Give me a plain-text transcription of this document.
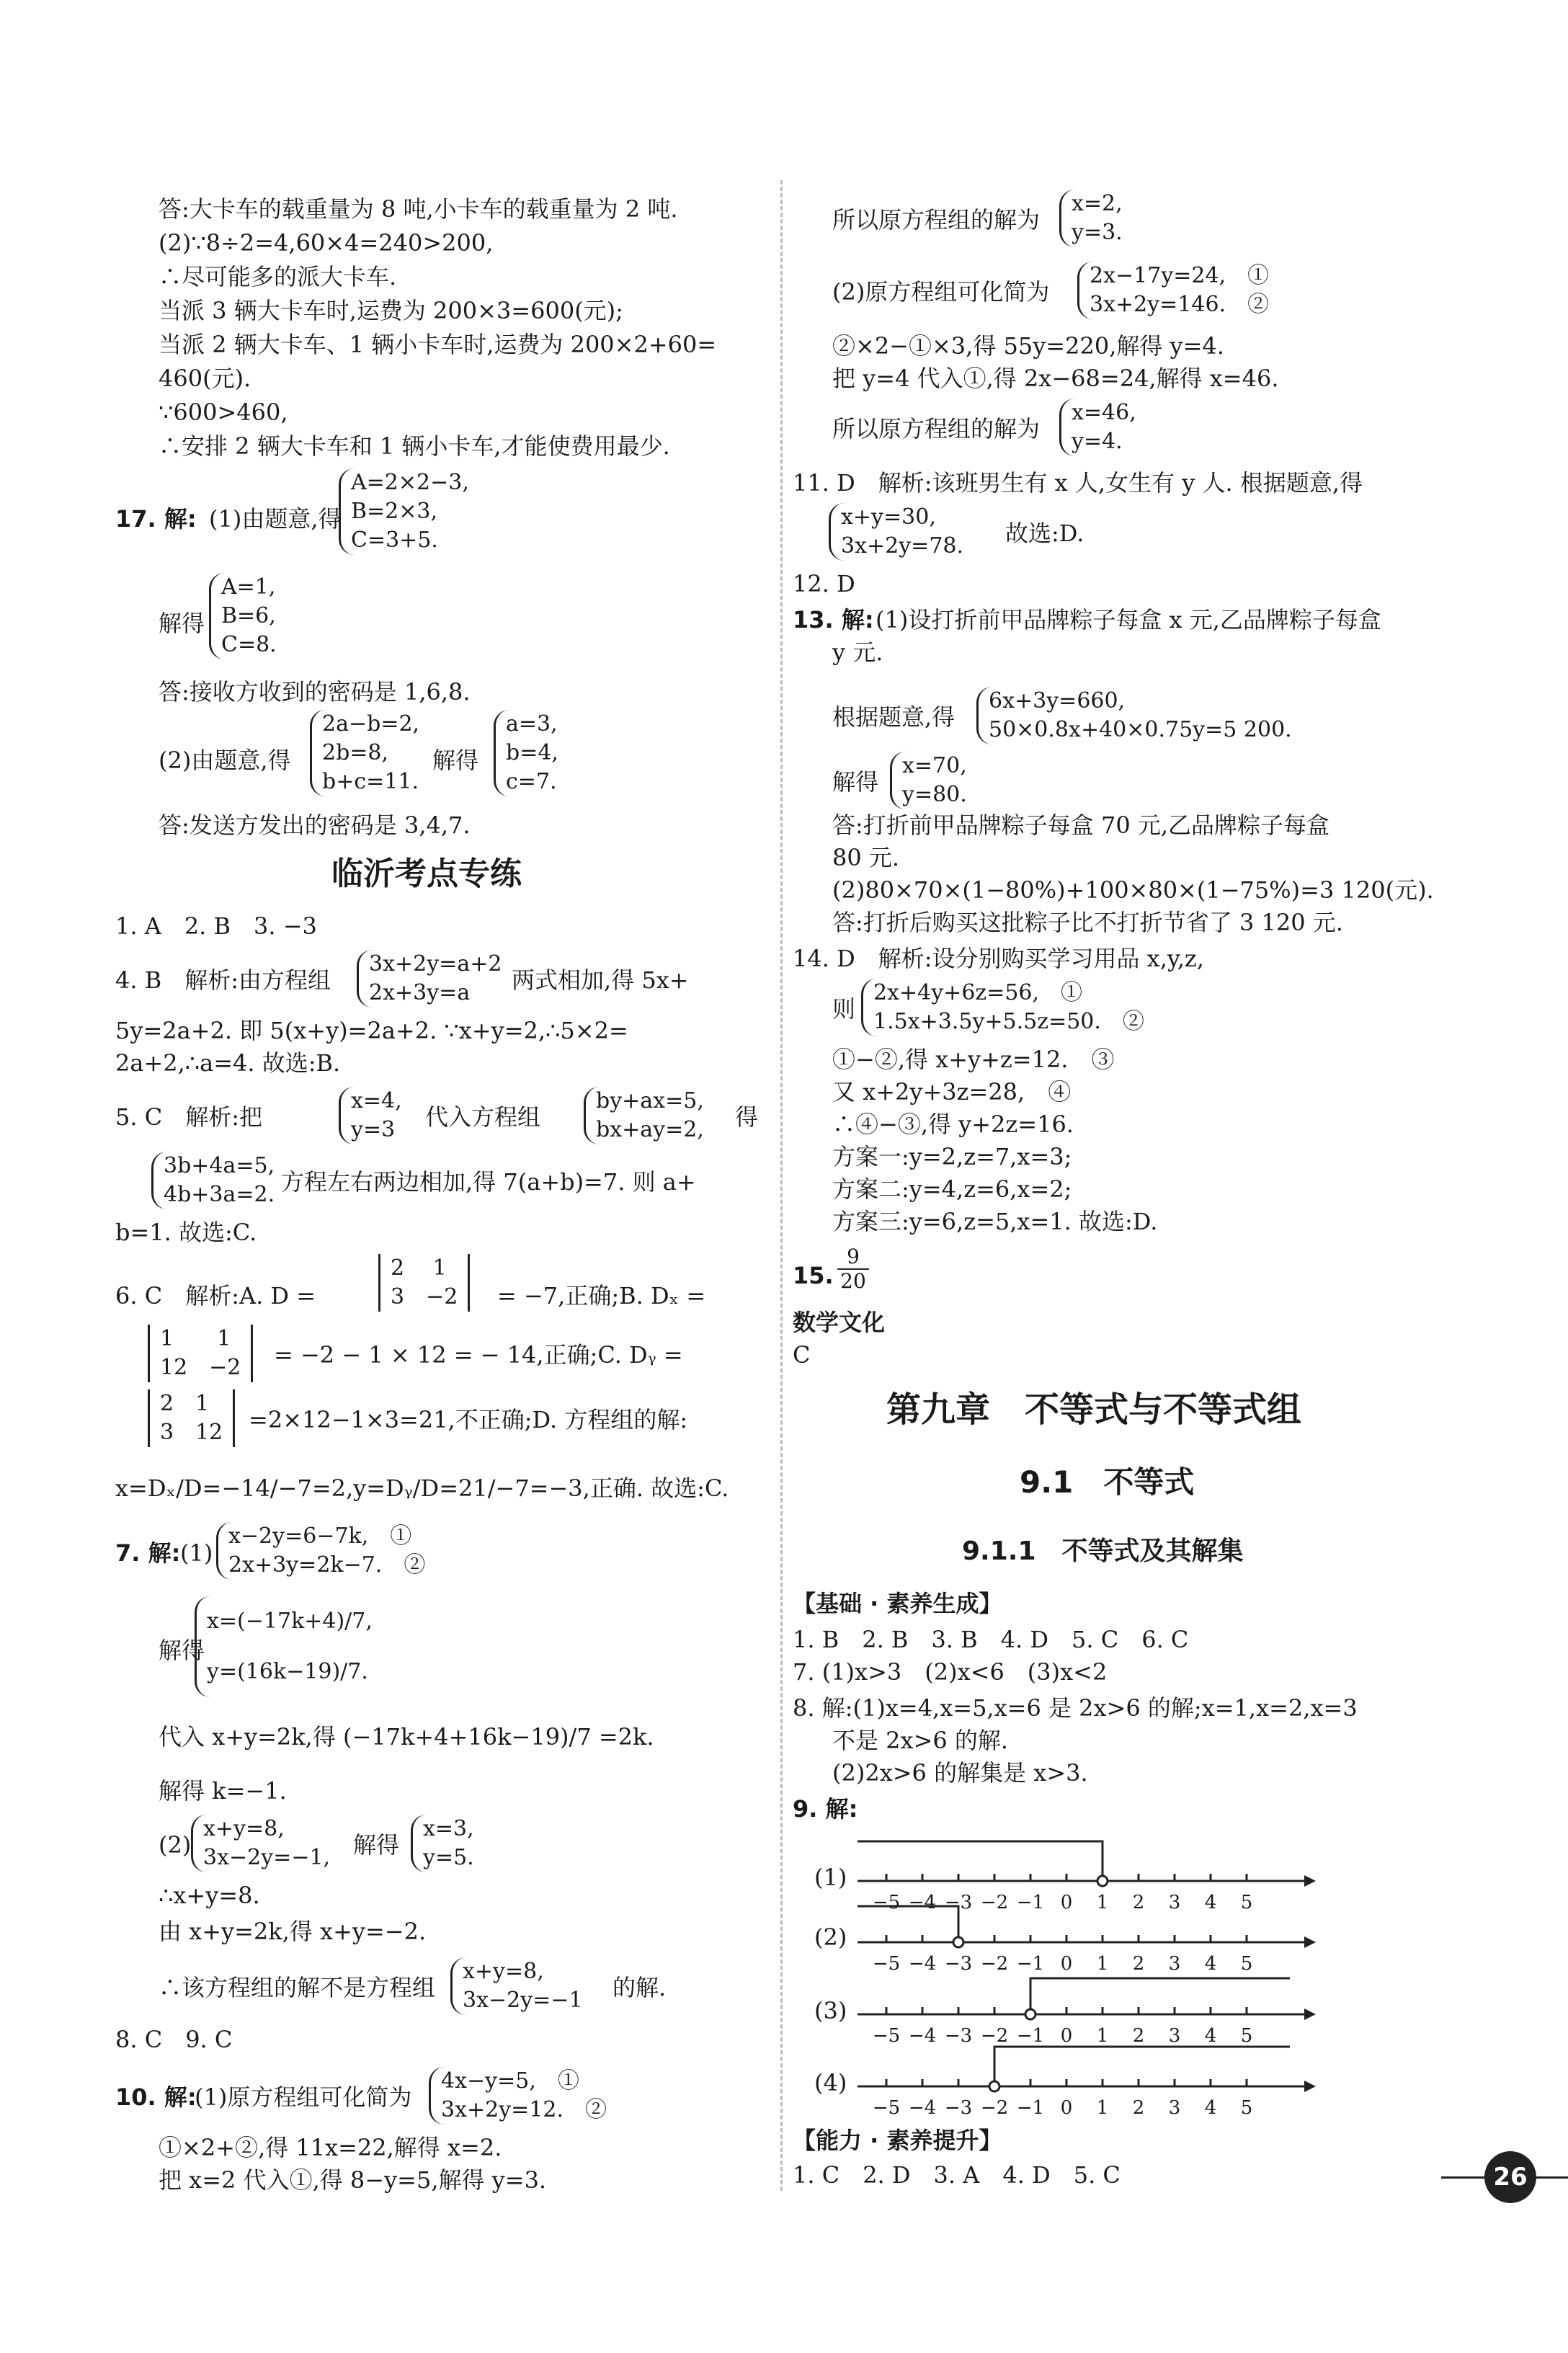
答:大卡车的载重量为 8 吨,小卡车的载重量为 2 吨.
(2)∵8÷2=4,60×4=240>200,
∴尽可能多的派大卡车.
当派 3 辆大卡车时,运费为 200×3=600(元);
当派 2 辆大卡车、1 辆小卡车时,运费为 200×2+60=
460(元).
∵600>460,
∴安排 2 辆大卡车和 1 辆小卡车,才能使费用最少.
17. 解: (1)由题意,得
A=2×2−3,
B=2×3,
C=3+5.
解得
A=1,
B=6,
C=8.
答:接收方收到的密码是 1,6,8.
(2)由题意,得
2a−b=2,
2b=8,
b+c=11.
解得
a=3,
b=4,
c=7.
答:发送方发出的密码是 3,4,7.
临沂考点专练
1. A　2. B　3. −3
4. B　解析:由方程组
3x+2y=a+2
2x+3y=a	两式相加,得 5x+
5y=2a+2. 即 5(x+y)=2a+2. ∵x+y=2,∴5×2=
2a+2,∴a=4. 故选:B.
5. C　解析:把
x=4,
y=3 代入方程组
by+ax=5,
bx+ay=2, 得
3b+4a=5,
4b+3a=2. 方程左右两边相加,得 7(a+b)=7. 则 a+
b=1. 故选:C.
6. C　解析:A. D =
2　 1
3　−2 = −7,正确;B. Dₓ =
1　　1
12　−2 = −2 − 1 × 12 = − 14,正确;C. Dᵧ =
2　1
3　12 =2×12−1×3=21,不正确;D. 方程组的解:
x=Dₓ/D=−14/−7=2,y=Dᵧ/D=21/−7=−3,正确. 故选:C.
7. 解: (1)
x−2y=6−7k,　①
2x+3y=2k−7.　②
解得
x=(−17k+4)/7,
y=(16k−19)/7.
代入 x+y=2k,得 (−17k+4+16k−19)/7 =2k.
解得 k=−1.
(2)
x+y=8,
3x−2y=−1, 解得
x=3,
y=5.
∴x+y=8.
由 x+y=2k,得 x+y=−2.
∴该方程组的解不是方程组
x+y=8,
3x−2y=−1 的解.
8. C　9. C
10. 解:
(1)原方程组可化简为
4x−y=5,　①
3x+2y=12.　②
①×2+②,得 11x=22,解得 x=2.
把 x=2 代入①,得 8−y=5,解得 y=3.
所以原方程组的解为
x=2,
y=3.
(2)原方程组可化简为
2x−17y=24,　①
3x+2y=146.　②
②×2−①×3,得 55y=220,解得 y=4.
把 y=4 代入①,得 2x−68=24,解得 x=46.
所以原方程组的解为
x=46,
y=4.
11. D　解析:该班男生有 x 人,女生有 y 人. 根据题意,得
x+y=30,
3x+2y=78. 故选:D.
12. D
13. 解: (1)设打折前甲品牌粽子每盒 x 元,乙品牌粽子每盒
y 元.
根据题意,得
6x+3y=660,
50×0.8x+40×0.75y=5 200.
解得
x=70,
y=80.
答:打折前甲品牌粽子每盒 70 元,乙品牌粽子每盒
80 元.
(2)80×70×(1−80%)+100×80×(1−75%)=3 120(元).
答:打折后购买这批粽子比不打折节省了 3 120 元.
14. D　解析:设分别购买学习用品 x,y,z,
则
2x+4y+6z=56,　①
1.5x+3.5y+5.5z=50.　②
①−②,得 x+y+z=12.　③
又 x+2y+3z=28,　④
∴④−③,得 y+2z=16.
方案一:y=2,z=7,x=3;
方案二:y=4,z=6,x=2;
方案三:y=6,z=5,x=1. 故选:D.
15.
9
20
数学文化
C
第九章　不等式与不等式组
9.1　不等式
9.1.1　不等式及其解集
【基础 · 素养生成】
1. B　2. B　3. B　4. D　5. C　6. C
7. (1)x>3　(2)x<6　(3)x<2
8. 解:(1)x=4,x=5,x=6 是 2x>6 的解;x=1,x=2,x=3
不是 2x>6 的解.
(2)2x>6 的解集是 x>3.
9. 解:
(1)
(2)
(3)
(4)
−5 −4 −3 −2 −1 0 1 2 3 4 5
−5 −4 −3 −2 −1 0 1 2 3 4 5
−5 −4 −3 −2 −1 0 1 2 3 4 5
−5 −4 −3 −2 −1 0 1 2 3 4 5
【能力 · 素养提升】
1. C　2. D　3. A　4. D　5. C	26
